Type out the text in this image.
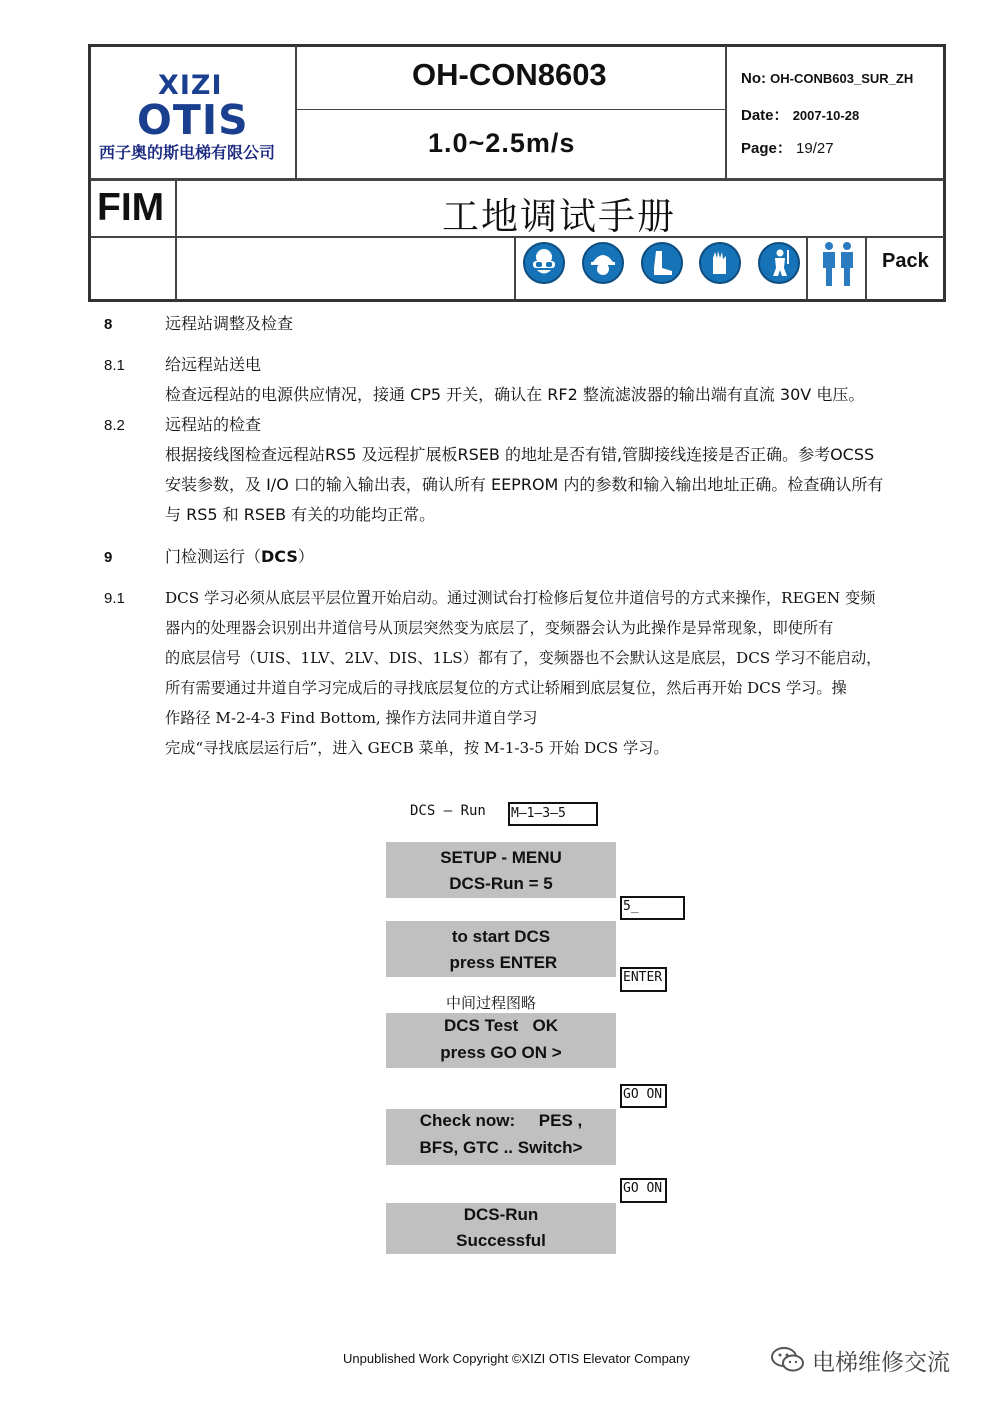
XIZI
OTIS
西子奥的斯电梯有限公司
OH-CON8603
1.0~2.5m/s
No: OH-CONB603_SUR_ZH
Date： 2007-10-28
Page： 19/27
FIM	工地调试手册
Pack
8	远程站调整及检查
8.1	给远程站送电
检查远程站的电源供应情况，接通 CP5 开关，确认在 RF2 整流滤波器的输出端有直流 30V 电压。
8.2	远程站的检查
根据接线图检查远程站RS5 及远程扩展板RSEB 的地址是否有错,管脚接线连接是否正确。参考OCSS
安装参数，及 I/O 口的输入输出表，确认所有 EEPROM 内的参数和输入输出地址正确。检查确认所有
与 RS5 和 RSEB 有关的功能均正常。
9	门检测运行（DCS）
9.1	DCS 学习必须从底层平层位置开始启动。通过测试台打检修后复位井道信号的方式来操作，REGEN 变频
器内的处理器会识别出井道信号从顶层突然变为底层了，变频器会认为此操作是异常现象，即使所有
的底层信号（UIS、1LV、2LV、DIS、1LS）都有了，变频器也不会默认这是底层，DCS 学习不能启动，
所有需要通过井道自学习完成后的寻找底层复位的方式让轿厢到底层复位，然后再开始 DCS 学习。操
作路径 M-2-4-3 Find Bottom, 操作方法同井道自学习
完成“寻找底层运行后”，进入 GECB 菜单，按 M-1-3-5 开始 DCS 学习。
DCS – Run M–1–3–5
SETUP - MENU
DCS-Run = 5
5_
to start DCS
press ENTER
ENTER
中间过程图略
DCS Test   OK
press GO ON >
GO ON
Check now:     PES ,
BFS, GTC .. Switch>
GO ON
DCS-Run
Successful
Unpublished Work Copyright ©XIZI OTIS Elevator Company	电梯维修交流
